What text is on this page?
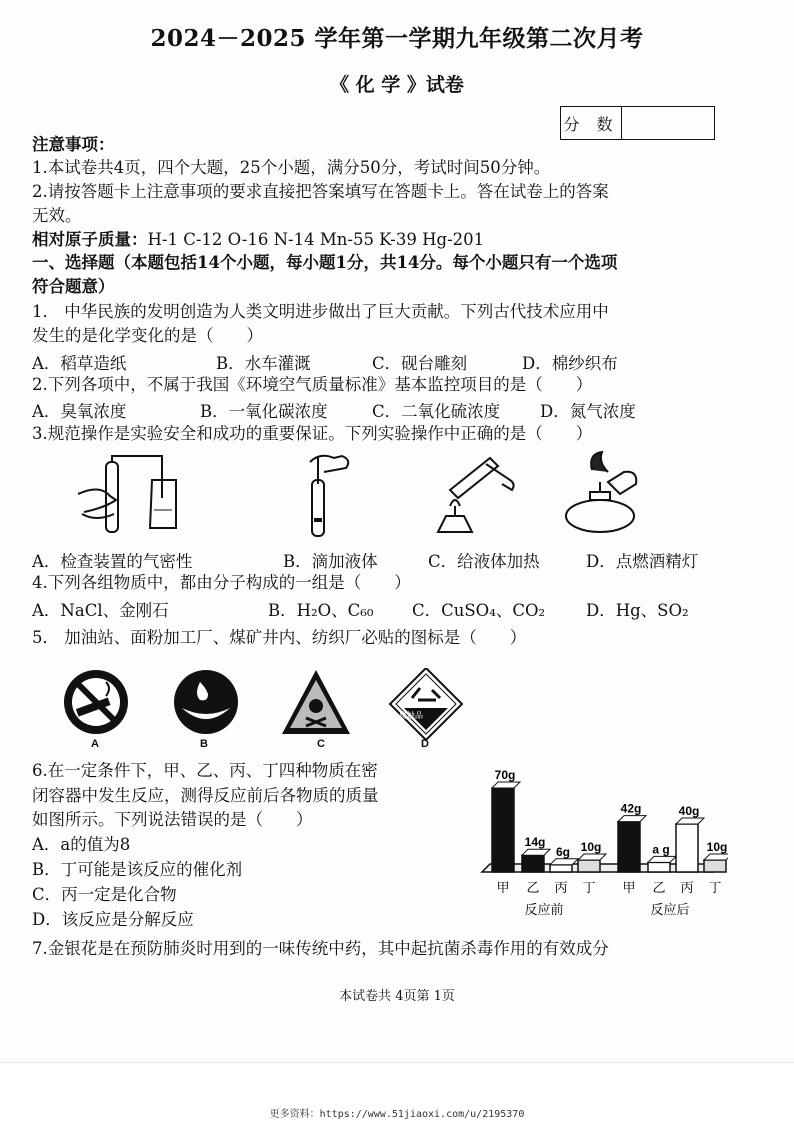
2024－2025 学年第一学期九年级第二次月考
《 化 学 》试卷
分 数
注意事项：
1.本试卷共4页，四个大题，25个小题，满分50分，考试时间50分钟。
2.请按答题卡上注意事项的要求直接把答案填写在答题卡上。答在试卷上的答案
无效。
相对原子质量：H-1 C-12 O-16 N-14 Mn-55 K-39 Hg-201
一、选择题（本题包括14个小题，每小题1分，共14分。每个小题只有一个选项
符合题意）
1． 中华民族的发明创造为人类文明进步做出了巨大贡献。下列古代技术应用中
发生的是化学变化的是（　　）
A．稻草造纸	B．水车灌溉	C．砚台雕刻	D．棉纱织布
2.下列各项中，不属于我国《环境空气质量标准》基本监控项目的是（　　）
A．臭氧浓度	B．一氧化碳浓度	C．二氧化硫浓度 D．氮气浓度
3.规范操作是实验安全和成功的重要保证。下列实验操作中正确的是（　　）
A．检查装置的气密性	B．滴加液体	C．给液体加热	D．点燃酒精灯
4.下列各组物质中，都由分子构成的一组是（　　）
A．NaCl、金刚石	B．H₂O、C₆₀ C．CuSO₄、CO₂ D．Hg、SO₂
5． 加油站、面粉加工厂、煤矿井内、纺织厂必贴的图标是（　　）
腐蚀品
A	B	C	D
6.在一定条件下，甲、乙、丙、丁四种物质在密
闭容器中发生反应，测得反应前后各物质的质量
如图所示。下列说法错误的是（　　）
A．a的值为8
B．丁可能是该反应的催化剂
C．丙一定是化合物
D．该反应是分解反应
70g
14g
6g 10g
42g
a g
40g
10g
甲 乙 丙 丁
反应前
甲 乙 丙 丁
反应后
7.金银花是在预防肺炎时用到的一味传统中药，其中起抗菌杀毒作用的有效成分
本试卷共 4页第 1页
更多资料：https://www.51jiaoxi.com/u/2195370
